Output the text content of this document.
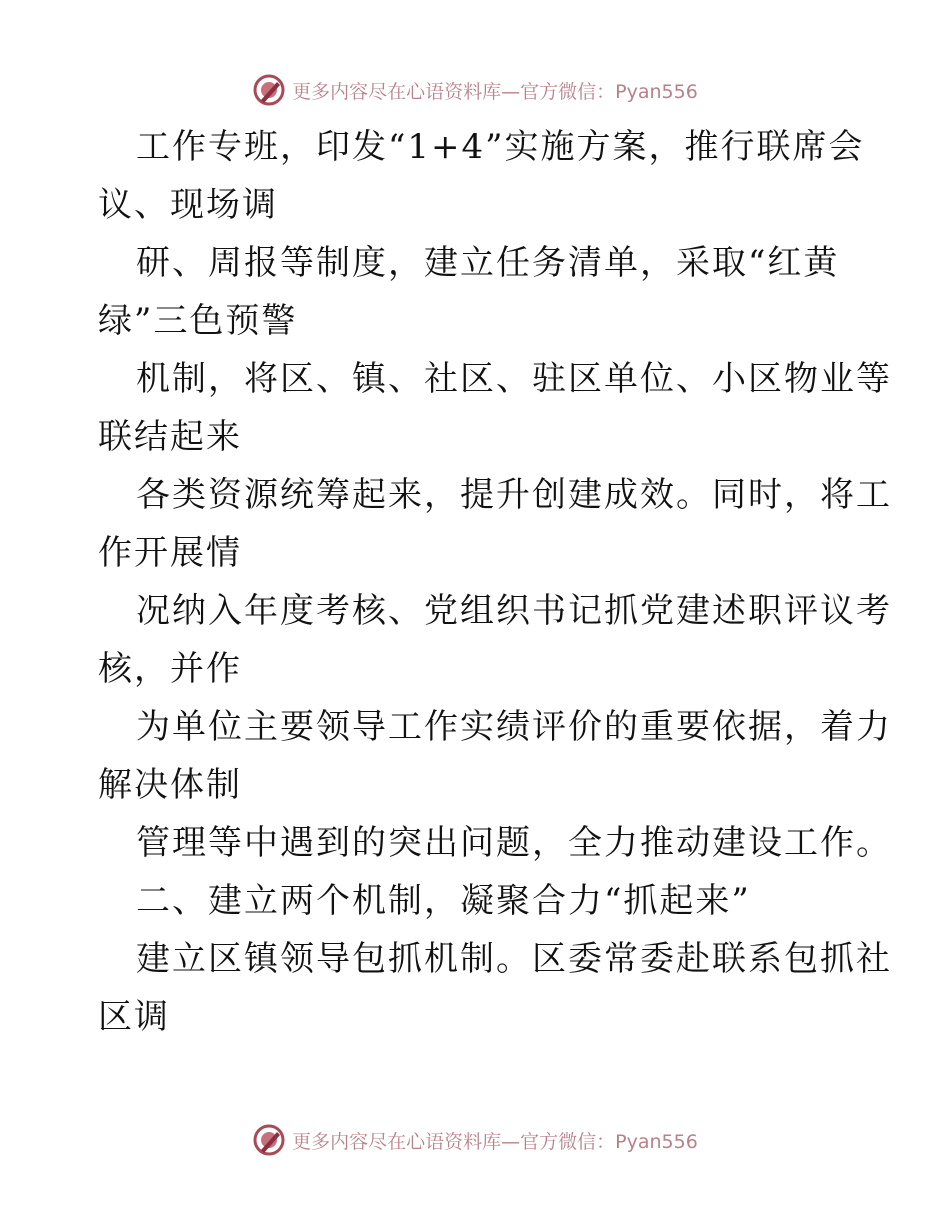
更多内容尽在心语资料库—官方微信：Pyan556
工作专班，印发“1+4”实施方案，推行联席会
议、现场调
研、周报等制度，建立任务清单，采取“红黄
绿”三色预警
机制，将区、镇、社区、驻区单位、小区物业等
联结起来
各类资源统筹起来，提升创建成效。同时，将工
作开展情
况纳入年度考核、党组织书记抓党建述职评议考
核，并作
为单位主要领导工作实绩评价的重要依据，着力
解决体制
管理等中遇到的突出问题，全力推动建设工作。
二、建立两个机制，凝聚合力“抓起来”
建立区镇领导包抓机制。区委常委赴联系包抓社
区调
更多内容尽在心语资料库—官方微信：Pyan556
